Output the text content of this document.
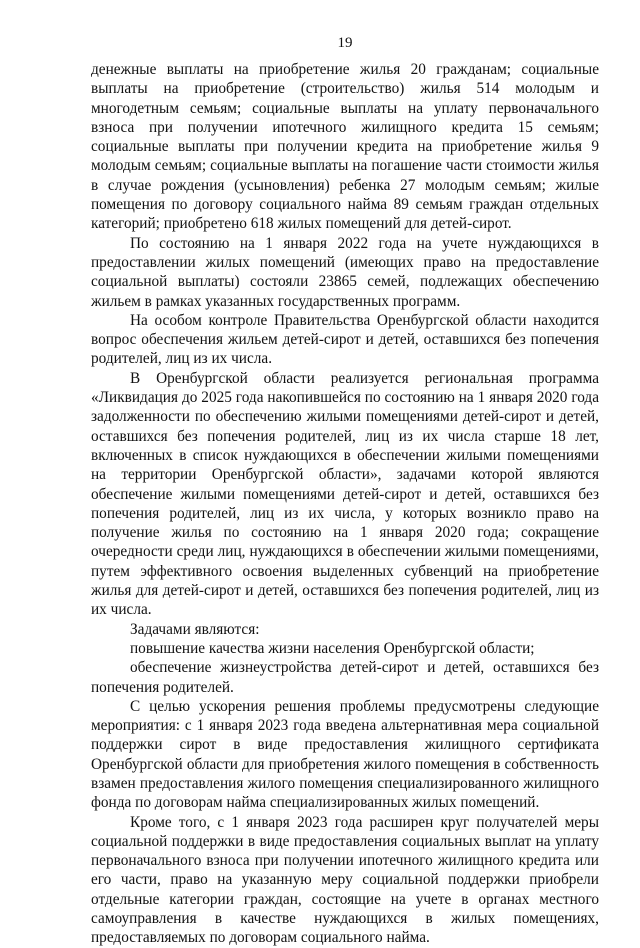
19

денежные выплаты на приобретение жилья 20 гражданам; социальные выплаты на приобретение (строительство) жилья 514 молодым и многодетным семьям; социальные выплаты на уплату первоначального взноса при получении ипотечного жилищного кредита 15 семьям; социальные выплаты при получении кредита на приобретение жилья 9 молодым семьям; социальные выплаты на погашение части стоимости жилья в случае рождения (усыновления) ребенка 27 молодым семьям; жилые помещения по договору социального найма 89 семьям граждан отдельных категорий; приобретено 618 жилых помещений для детей-сирот.

По состоянию на 1 января 2022 года на учете нуждающихся в предоставлении жилых помещений (имеющих право на предоставление социальной выплаты) состояли 23865 семей, подлежащих обеспечению жильем в рамках указанных государственных программ.

На особом контроле Правительства Оренбургской области находится вопрос обеспечения жильем детей-сирот и детей, оставшихся без попечения родителей, лиц из их числа.

В Оренбургской области реализуется региональная программа «Ликвидация до 2025 года накопившейся по состоянию на 1 января 2020 года задолженности по обеспечению жилыми помещениями детей-сирот и детей, оставшихся без попечения родителей, лиц из их числа старше 18 лет, включенных в список нуждающихся в обеспечении жилыми помещениями на территории Оренбургской области», задачами которой являются обеспечение жилыми помещениями детей-сирот и детей, оставшихся без попечения родителей, лиц из их числа, у которых возникло право на получение жилья по состоянию на 1 января 2020 года; сокращение очередности среди лиц, нуждающихся в обеспечении жилыми помещениями, путем эффективного освоения выделенных субвенций на приобретение жилья для детей-сирот и детей, оставшихся без попечения родителей, лиц из их числа.

Задачами являются:

повышение качества жизни населения Оренбургской области;

обеспечение жизнеустройства детей-сирот и детей, оставшихся без попечения родителей.

С целью ускорения решения проблемы предусмотрены следующие мероприятия: с 1 января 2023 года введена альтернативная мера социальной поддержки сирот в виде предоставления жилищного сертификата Оренбургской области для приобретения жилого помещения в собственность взамен предоставления жилого помещения специализированного жилищного фонда по договорам найма специализированных жилых помещений.

Кроме того, с 1 января 2023 года расширен круг получателей меры социальной поддержки в виде предоставления социальных выплат на уплату первоначального взноса при получении ипотечного жилищного кредита или его части, право на указанную меру социальной поддержки приобрели отдельные категории граждан, состоящие на учете в органах местного самоуправления в качестве нуждающихся в жилых помещениях, предоставляемых по договорам социального найма.
